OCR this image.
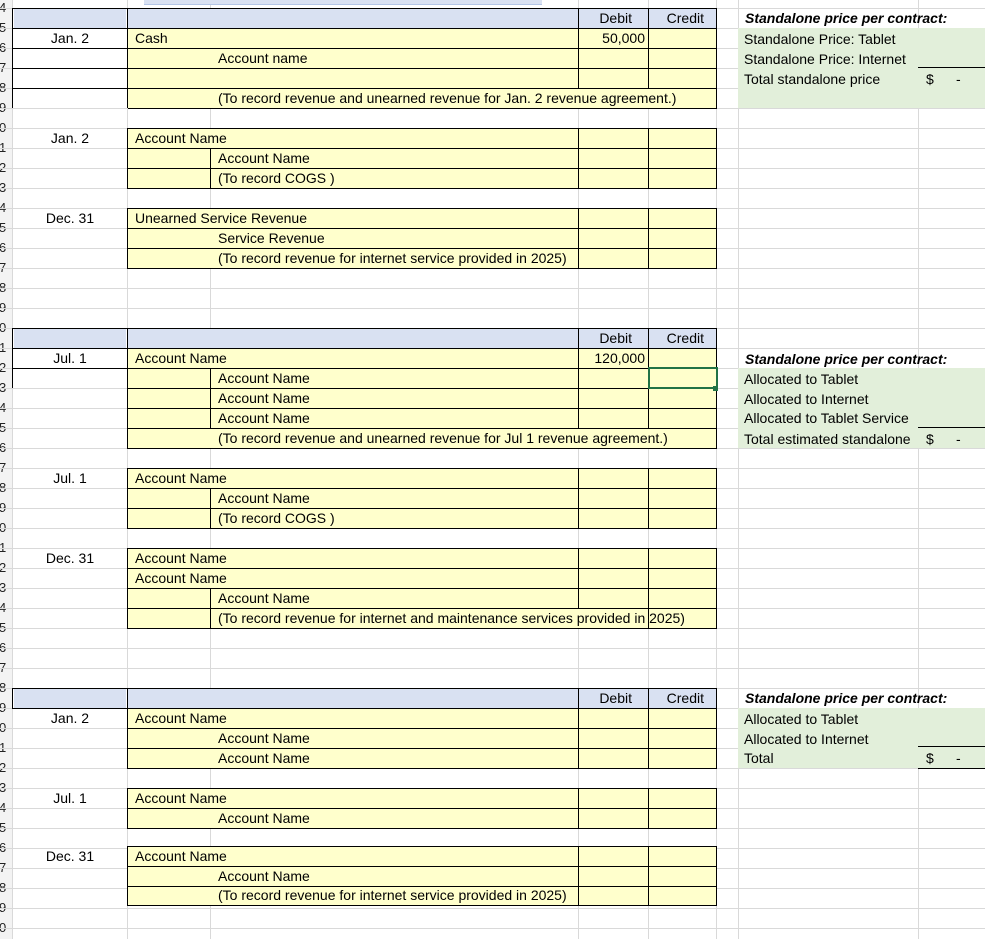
Debit	Credit
Jan. 2	Cash	50,000
Account name
(To record revenue and unearned revenue for Jan. 2 revenue agreement.)
Jan. 2	Account Name
Account Name
(To record COGS )
Dec. 31	Unearned Service Revenue
Service Revenue
(To record revenue for internet service provided in 2025)
Standalone price per contract:
Standalone Price: Tablet
Standalone Price: Internet
Total standalone price	$ -
Debit	Credit
Jul. 1	Account Name	120,000
Account Name
Account Name
Account Name
(To record revenue and unearned revenue for Jul 1 revenue agreement.)
Jul. 1	Account Name
Account Name
(To record COGS )
Dec. 31	Account Name
Account Name
Account Name
(To record revenue for internet and maintenance services provided in 2025)
Standalone price per contract:
Allocated to Tablet
Allocated to Internet
Allocated to Tablet Service
Total estimated standalone	$ -
Debit	Credit
Jan. 2	Account Name
Account Name
Account Name
Jul. 1	Account Name
Account Name
Dec. 31	Account Name
Account Name
(To record revenue for internet service provided in 2025)
Standalone price per contract:
Allocated to Tablet
Allocated to Internet
Total	$ -
